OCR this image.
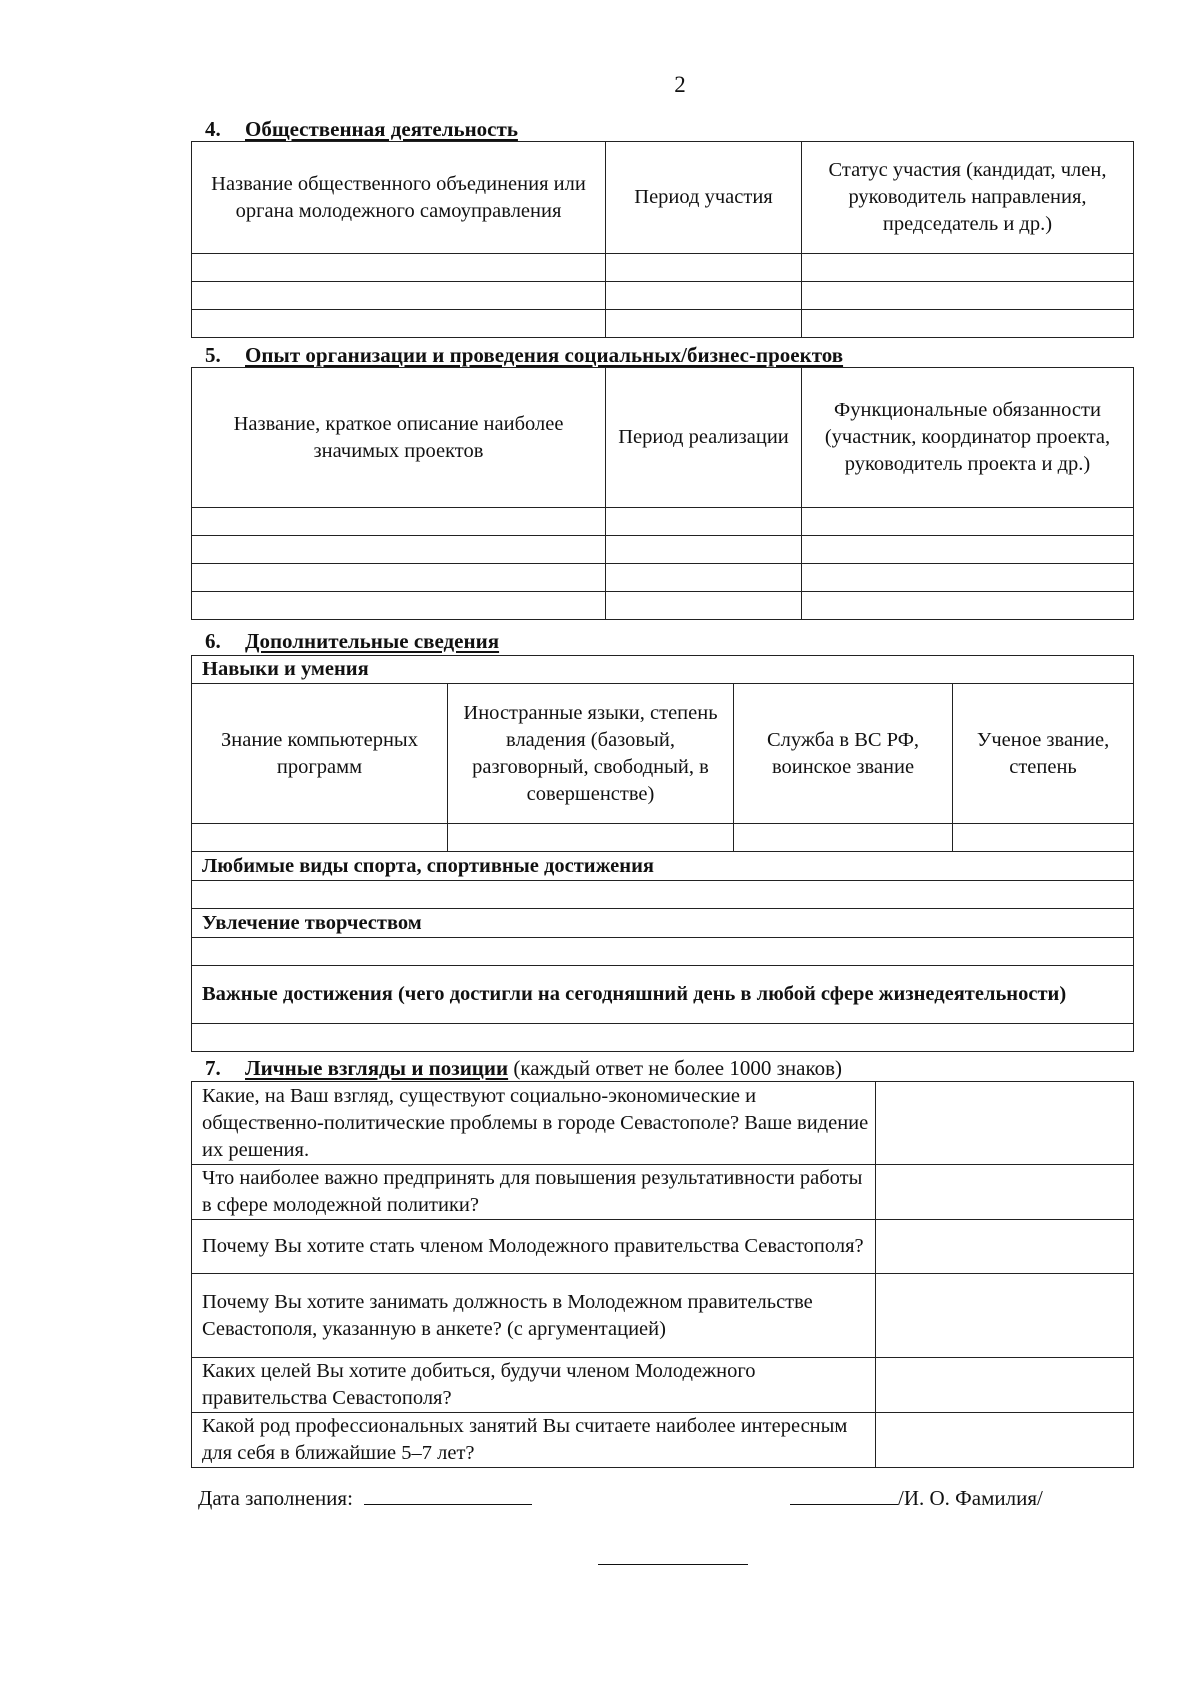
2
4. Общественная деятельность
Название общественного объединения или органа молодежного самоуправления	Период участия	Статус участия (кандидат, член, руководитель направления, председатель и др.)

5. Опыт организации и проведения социальных/бизнес-проектов
Название, краткое описание наиболее значимых проектов	Период реализации	Функциональные обязанности (участник, координатор проекта, руководитель проекта и др.)

6. Дополнительные сведения
Навыки и умения			
Знание компьютерных программ	Иностранные языки, степень владения (базовый, разговорный, свободный, в совершенстве)	Служба в ВС РФ, воинское звание	Ученое звание, степень

Любимые виды спорта, спортивные достижения			

Увлечение творчеством			

Важные достижения (чего достигли на сегодняшний день в любой сфере жизнедеятельности)			

7. Личные взгляды и позиции (каждый ответ не более 1000 знаков)
Какие, на Ваш взгляд, существуют социально-экономические и общественно-политические проблемы в городе Севастополе? Ваше видение их решения.	
Что наиболее важно предпринять для повышения результативности работы в сфере молодежной политики?	
Почему Вы хотите стать членом Молодежного правительства Севастополя?	
Почему Вы хотите занимать должность в Молодежном правительстве Севастополя, указанную в анкете? (с аргументацией)	
Каких целей Вы хотите добиться, будучи членом Молодежного правительства Севастополя?	
Какой род профессиональных занятий Вы считаете наиболее интересным для себя в ближайшие 5–7 лет?	
Дата заполнения:	/И. О. Фамилия/
